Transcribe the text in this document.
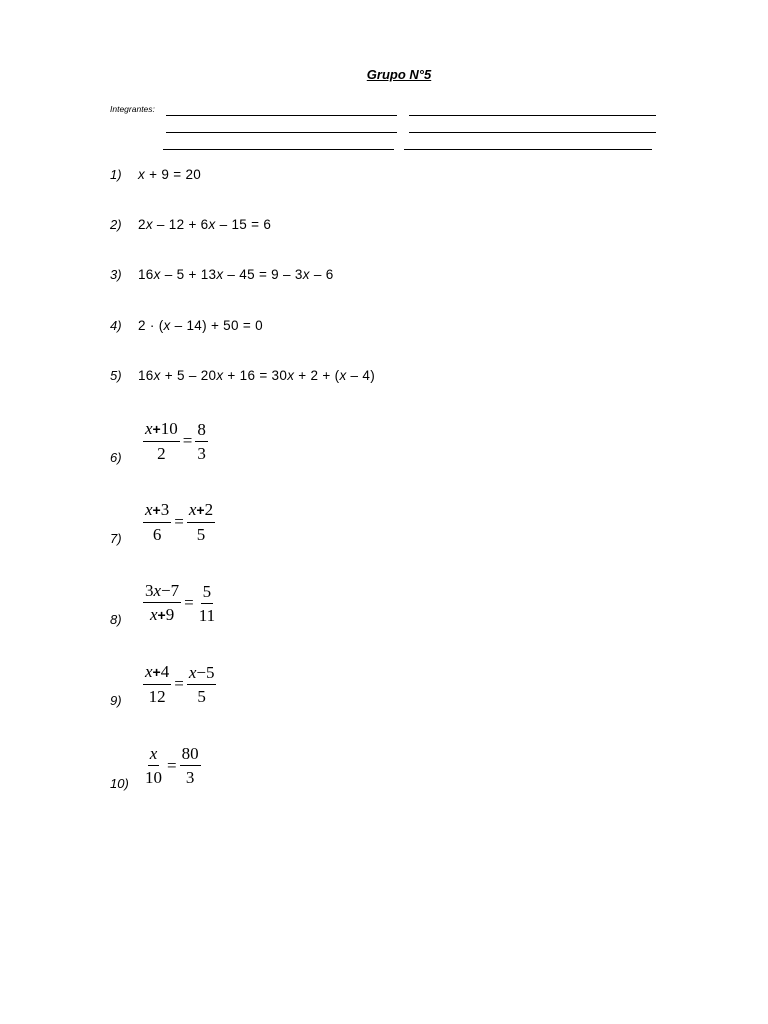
Grupo N°5
Integrantes:
1) x + 9 = 20
2) 2x – 12 + 6x – 15 = 6
3) 16x – 5 + 13x – 45 = 9 – 3x – 6
4) 2 · (x – 14) + 50 = 0
5) 16x + 5 – 20x + 16 = 30x + 2 + (x – 4)
$6) \frac{x+10}{2} = \frac{8}{3}$
$7) \frac{x+3}{6} = \frac{x+2}{5}$
$8) \frac{3x-7}{x+9} = \frac{5}{11}$
$9) \frac{x+4}{12} = \frac{x-5}{5}$
$10) \frac{x}{10} = \frac{80}{3}$
